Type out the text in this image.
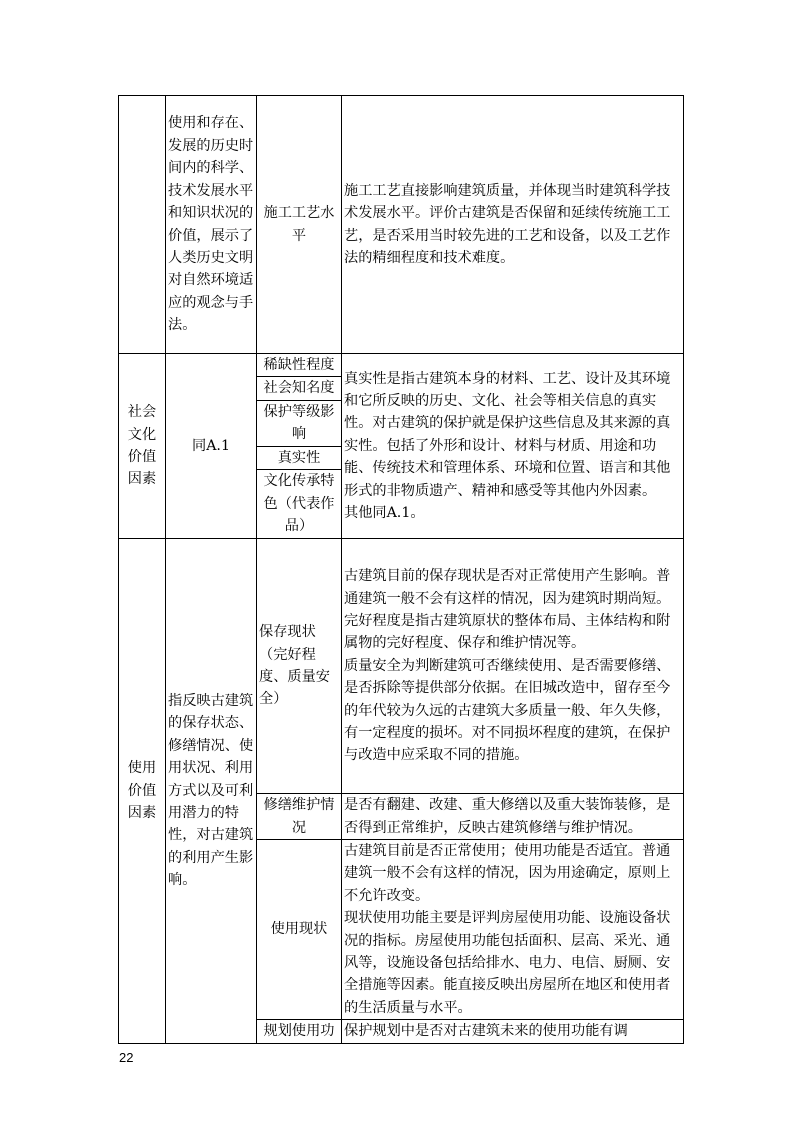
	使用和存在、发展的历史时间内的科学、技术发展水平和知识状况的价值，展示了人类历史文明对自然环境适应的观念与手法。	施工工艺水平	施工工艺直接影响建筑质量，并体现当时建筑科学技术发展水平。评价古建筑是否保留和延续传统施工工艺，是否采用当时较先进的工艺和设备，以及工艺作法的精细程度和技术难度。
社会文化价值因素	同A.1	稀缺性程度	真实性是指古建筑本身的材料、工艺、设计及其环境和它所反映的历史、文化、社会等相关信息的真实性。对古建筑的保护就是保护这些信息及其来源的真实性。包括了外形和设计、材料与材质、用途和功能、传统技术和管理体系、环境和位置、语言和其他形式的非物质遗产、精神和感受等其他内外因素。
其他同A.1。

		社会知名度	
		保护等级影响	
		真实性	
		文化传承特色（代表作品）	
使用价值因素	指反映古建筑的保存状态、修缮情况、使用状况、利用方式以及可利用潜力的特性，对古建筑的利用产生影响。	保存现状（完好程度、质量安全）	古建筑目前的保存现状是否对正常使用产生影响。普通建筑一般不会有这样的情况，因为建筑时期尚短。
完好程度是指古建筑原状的整体布局、主体结构和附属物的完好程度、保存和维护情况等。
质量安全为判断建筑可否继续使用、是否需要修缮、是否拆除等提供部分依据。在旧城改造中，留存至今的年代较为久远的古建筑大多质量一般、年久失修，有一定程度的损坏。对不同损坏程度的建筑，在保护与改造中应采取不同的措施。

		修缮维护情况	是否有翻建、改建、重大修缮以及重大装饰装修，是否得到正常维护，反映古建筑修缮与维护情况。

		使用现状	古建筑目前是否正常使用；使用功能是否适宜。普通建筑一般不会有这样的情况，因为用途确定，原则上不允许改变。
现状使用功能主要是评判房屋使用功能、设施设备状况的指标。房屋使用功能包括面积、层高、采光、通风等，设施设备包括给排水、电力、电信、厨厕、安全措施等因素。能直接反映出房屋所在地区和使用者的生活质量与水平。

		规划使用功	保护规划中是否对古建筑未来的使用功能有调
22
